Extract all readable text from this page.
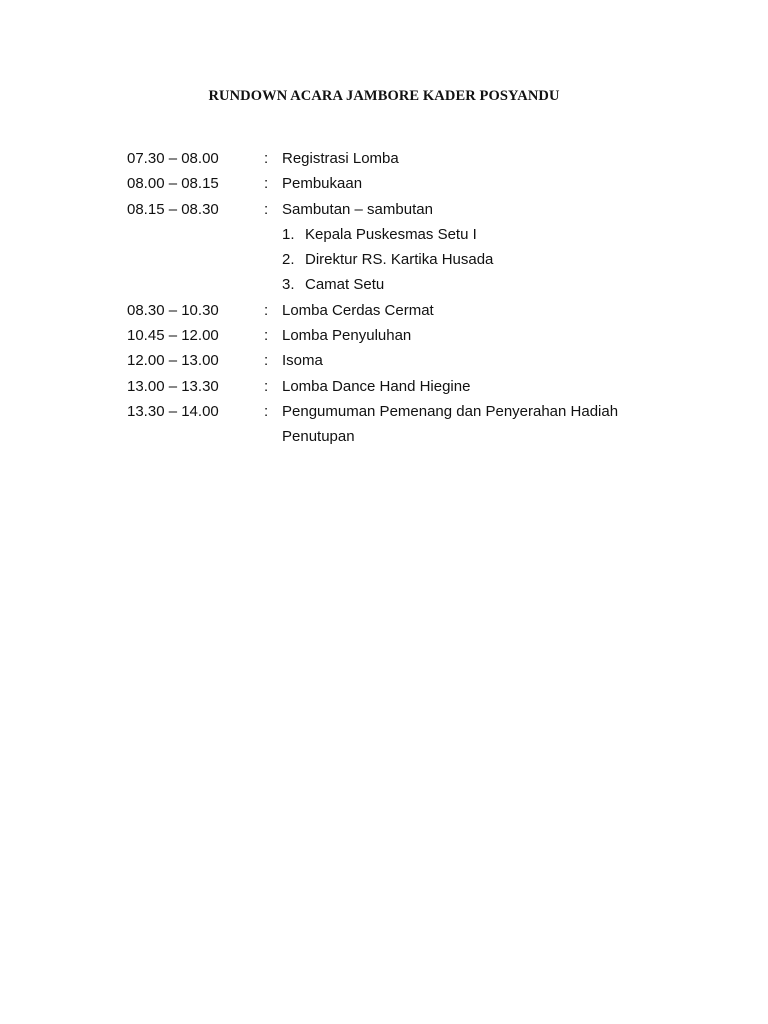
RUNDOWN ACARA JAMBORE KADER POSYANDU
07.30 – 08.00	: Registrasi Lomba
08.00 – 08.15	: Pembukaan
08.15 – 08.30	: Sambutan – sambutan
1. Kepala Puskesmas Setu I
2. Direktur RS. Kartika Husada
3. Camat Setu
08.30 – 10.30	: Lomba Cerdas Cermat
10.45 – 12.00	: Lomba Penyuluhan
12.00 – 13.00	: Isoma
13.00 – 13.30	: Lomba Dance Hand Hiegine
13.30 – 14.00	: Pengumuman Pemenang dan Penyerahan Hadiah
Penutupan
